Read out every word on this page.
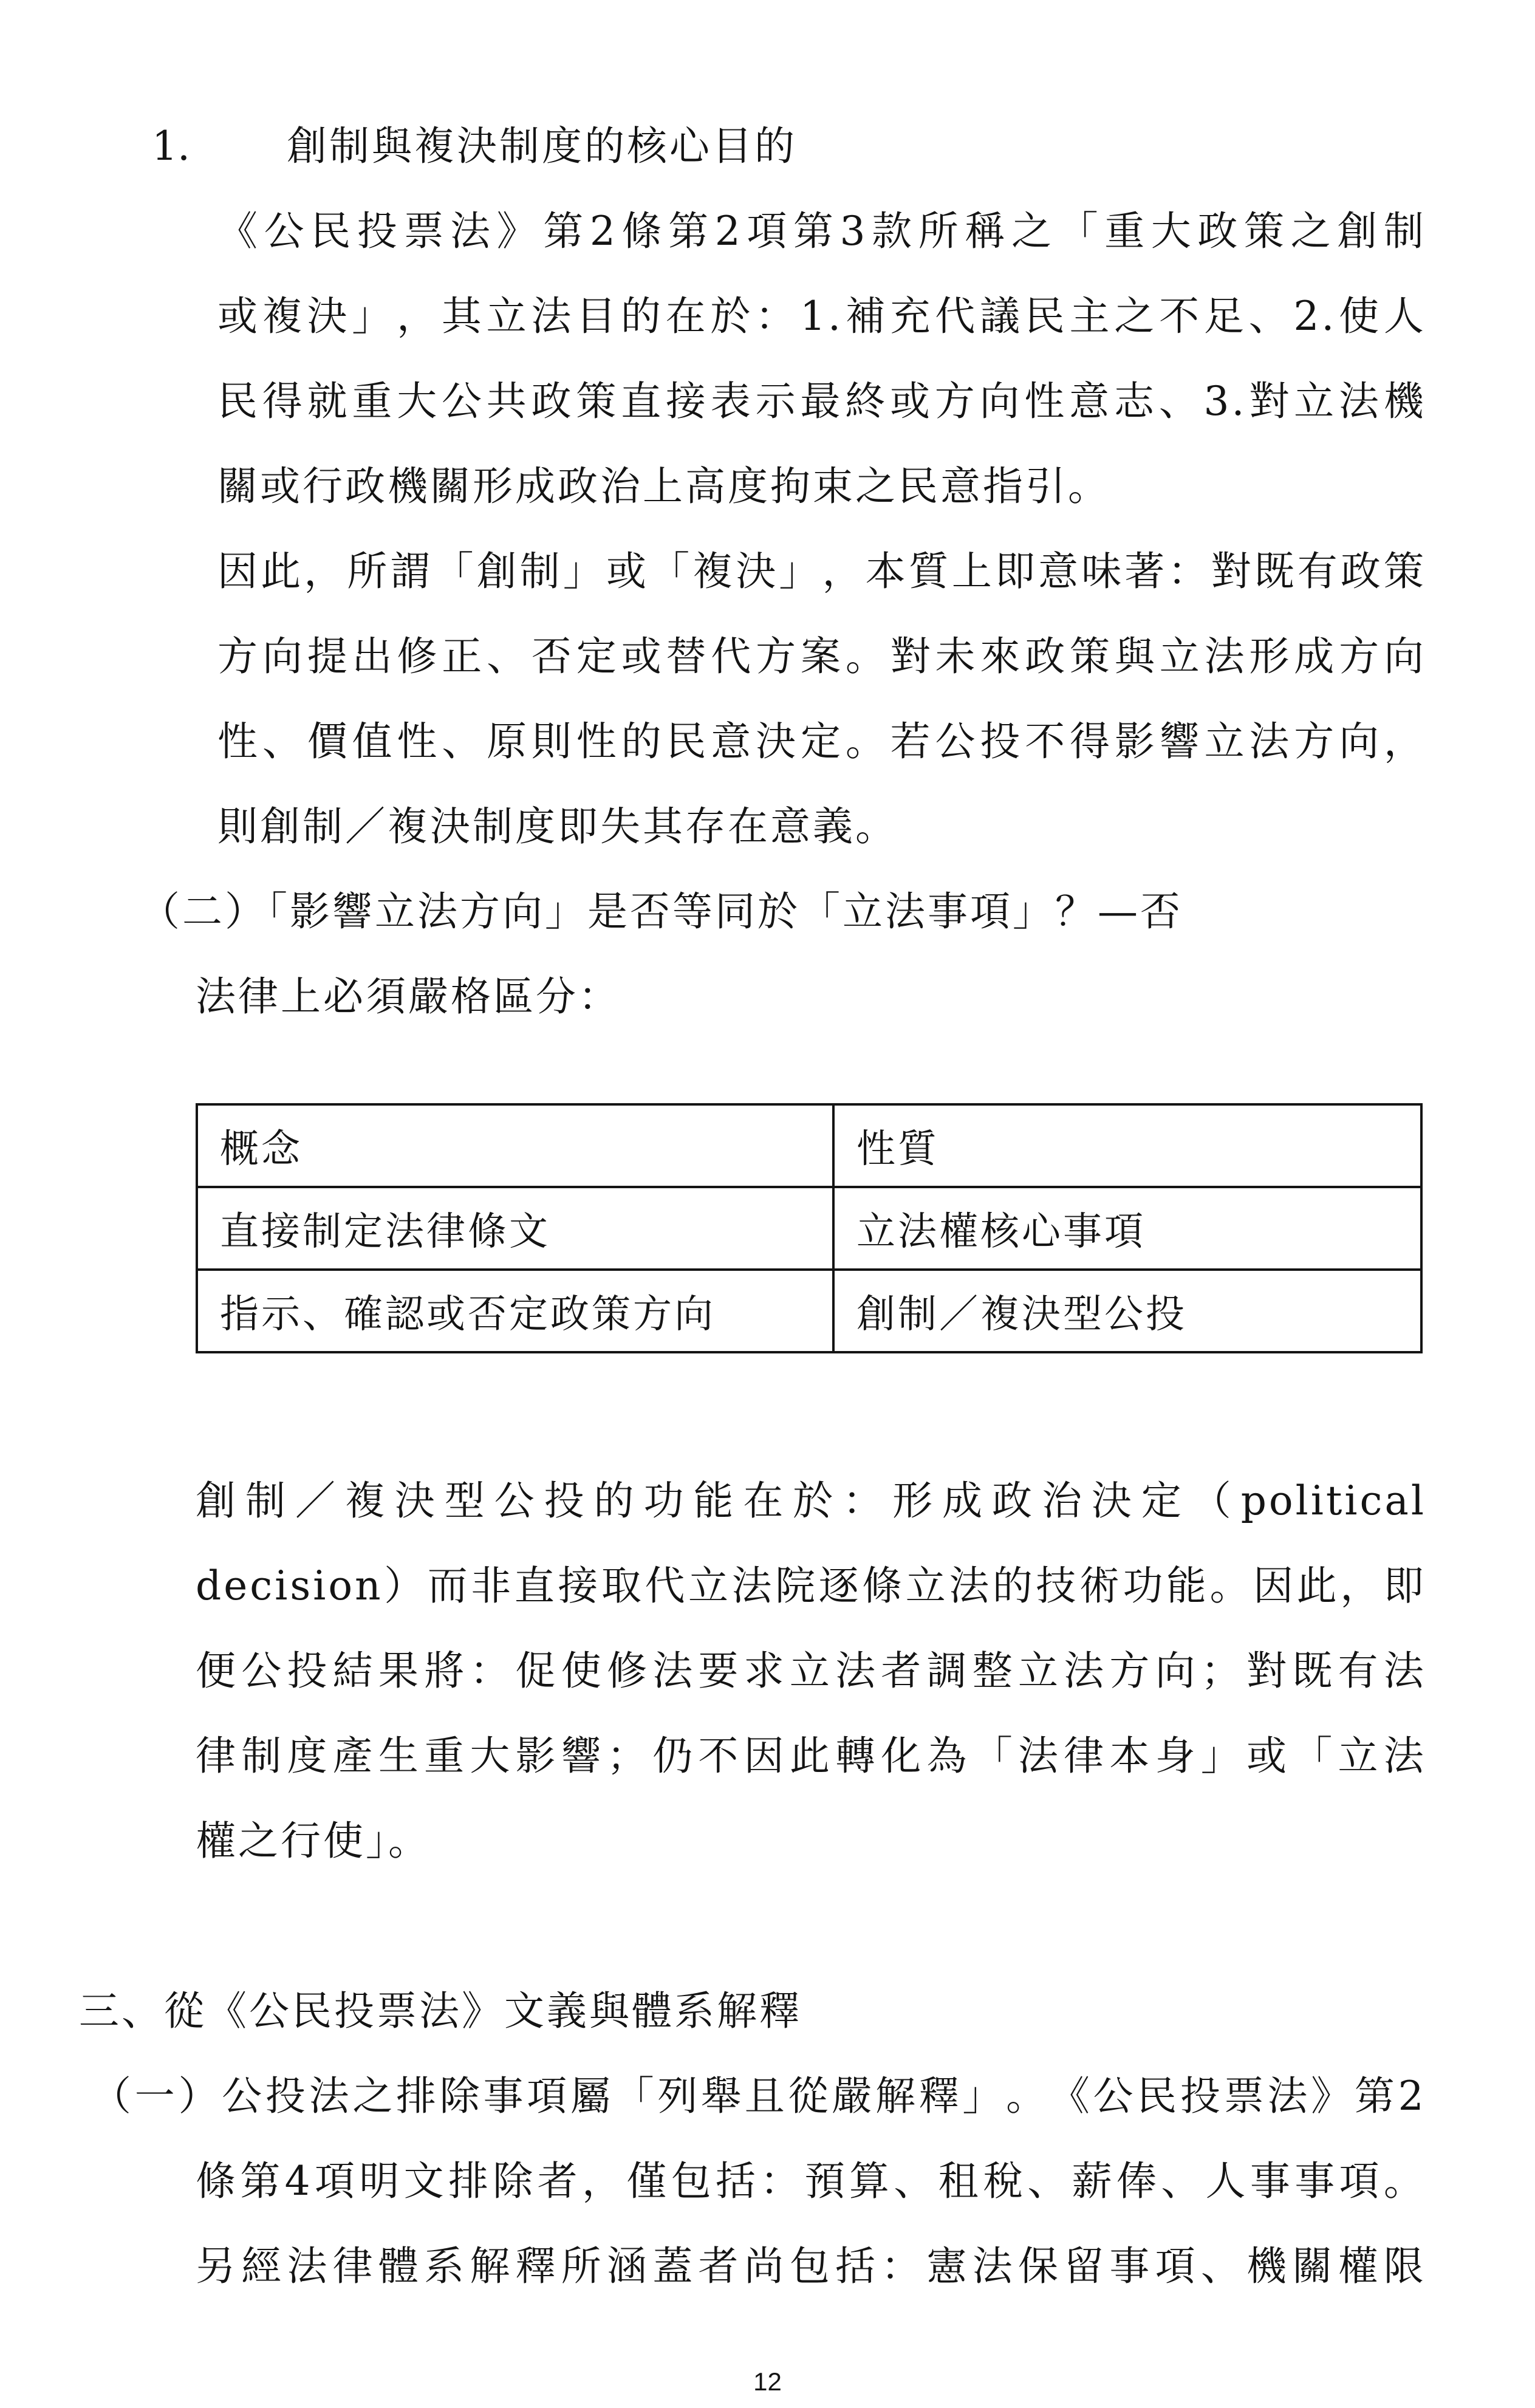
1. 創制與複決制度的核心目的
《 公 民 投 票 法 》 第 2 條 第 2 項 第 3 款 所 稱 之 「 重 大 政 策 之 創 制
或 複 決 」 ， 其 立 法 目 的 在 於 ： 1. 補 充 代 議 民 主 之 不 足 、 2. 使 人
民 得 就 重 大 公 共 政 策 直 接 表 示 最 終 或 方 向 性 意 志 、 3. 對 立 法 機
關或行政機關形成政治上高度拘束之民意指引。
因 此 ， 所 謂 「 創 制 」 或 「 複 決 」 ， 本 質 上 即 意 味 著 ： 對 既 有 政 策
方 向 提 出 修 正 、 否 定 或 替 代 方 案 。 對 未 來 政 策 與 立 法 形 成 方 向
性 、 價 值 性 、 原 則 性 的 民 意 決 定 。 若 公 投 不 得 影 響 立 法 方 向 ，
則創制／複決制度即失其存在意義。
（二）「影響立法方向」是否等同於「立法事項」？—否
法律上必須嚴格區分：
概念	性質
直接制定法律條文	立法權核心事項
指示、確認或否定政策方向	創制／複決型公投
創 制 ／ 複 決 型 公 投 的 功 能 在 於 ： 形 成 政 治 決 定 （ political
decision ） 而 非 直 接 取 代 立 法 院 逐 條 立 法 的 技 術 功 能 。 因 此 ， 即
便 公 投 結 果 將 ： 促 使 修 法 要 求 立 法 者 調 整 立 法 方 向 ； 對 既 有 法
律 制 度 產 生 重 大 影 響 ； 仍 不 因 此 轉 化 為 「 法 律 本 身 」 或 「 立 法
權之行使」。
三、從《公民投票法》文義與體系解釋
（ 一 ） 公 投 法 之 排 除 事 項 屬 「 列 舉 且 從 嚴 解 釋 」 。 《 公 民 投 票 法 》 第 2
條 第 4 項 明 文 排 除 者 ， 僅 包 括 ： 預 算 、 租 稅 、 薪 俸 、 人 事 事 項 。
另 經 法 律 體 系 解 釋 所 涵 蓋 者 尚 包 括 ： 憲 法 保 留 事 項 、 機 關 權 限
12
